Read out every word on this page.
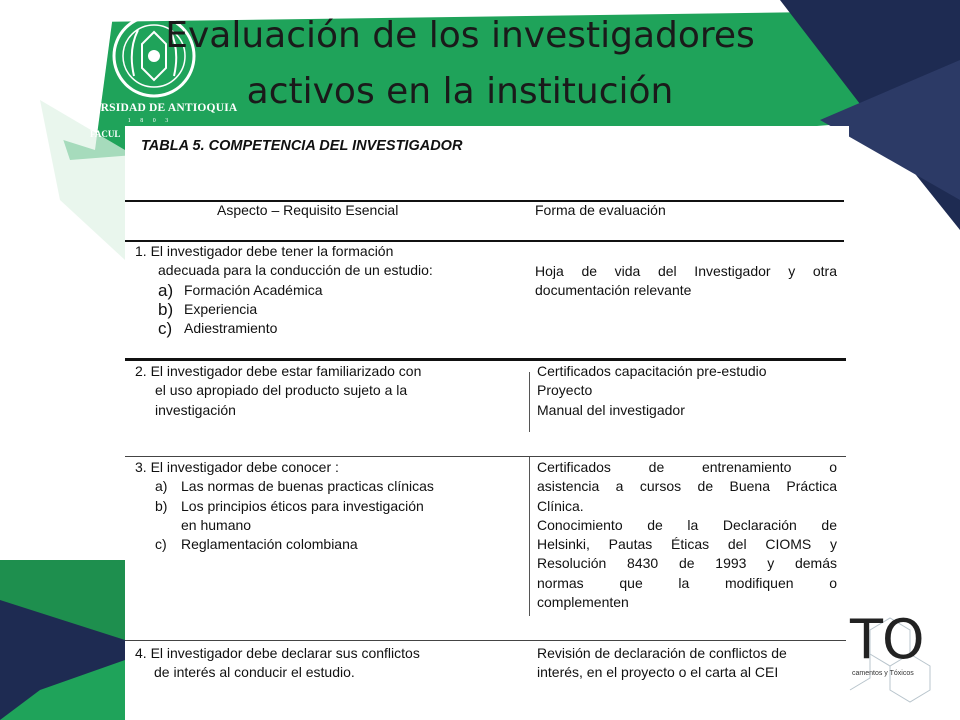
UNIVERSIDAD DE ANTIOQUIA
1 8 0 3
FACUL
Evaluación de los investigadores
activos en la institución
TO
camentos y Tóxicos
TABLA 5. COMPETENCIA DEL INVESTIGADOR
Aspecto – Requisito Esencial	Forma de evaluación

1. El investigador debe tener la formación

adecuada para la conducción de un estudio:

a) Formación Académica

b) Experiencia

c) Adiestramiento

Hoja de vida del Investigador y otra

documentación relevante

2. El investigador debe estar familiarizado con

el uso apropiado del producto sujeto a la

investigación

Certificados capacitación pre-estudio

Proyecto

Manual del investigador

3. El investigador debe conocer :

a) Las normas de buenas practicas clínicas

b) Los principios éticos para investigación

en humano

c) Reglamentación colombiana

Certificados de entrenamiento o

asistencia a cursos de Buena Práctica

Clínica.

Conocimiento de la Declaración de

Helsinki, Pautas Éticas del CIOMS y

Resolución 8430 de 1993 y demás

normas que la modifiquen o

complementen

4. El investigador debe declarar sus conflictos

de interés al conducir el estudio.

Revisión de declaración de conflictos de

interés, en el proyecto o el carta al CEI
